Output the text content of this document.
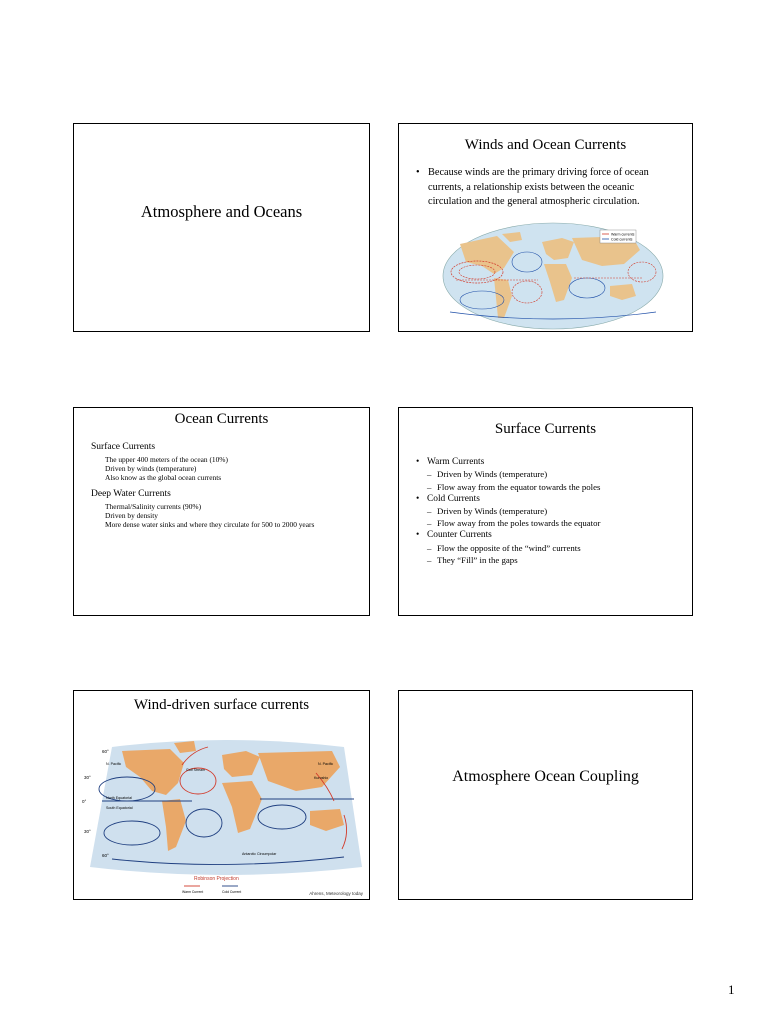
Atmosphere and Oceans
Winds and Ocean Currents
• Because winds are the primary driving force of ocean currents, a relationship exists between the oceanic circulation and the general atmospheric circulation.
Warm currents
Cold currents
Ocean Currents
Surface Currents
The upper 400 meters of the ocean (10%)
Driven by winds (temperature)
Also know as the global ocean currents
Deep Water Currents
Thermal/Salinity currents (90%)
Driven by density
More dense water sinks and where they circulate for 500 to 2000 years
Surface Currents
• Warm Currents
– Driven by Winds (temperature)
– Flow away from the equator towards the poles
• Cold Currents
– Driven by Winds (temperature)
– Flow away from the poles towards the equator
• Counter Currents
– Flow the opposite of the “wind” currents
– They “Fill” in the gaps
Wind-driven surface currents
60°
30°
0°
30°
60°
N. Pacific	N. Pacific
North Equatorial
South Equatorial
Gulf Stream
Kuroshio
Antarctic Circumpolar
Robinson Projection
Warm Current	Cold Current	Ahrens, Meteorology today
Atmosphere Ocean Coupling
1
